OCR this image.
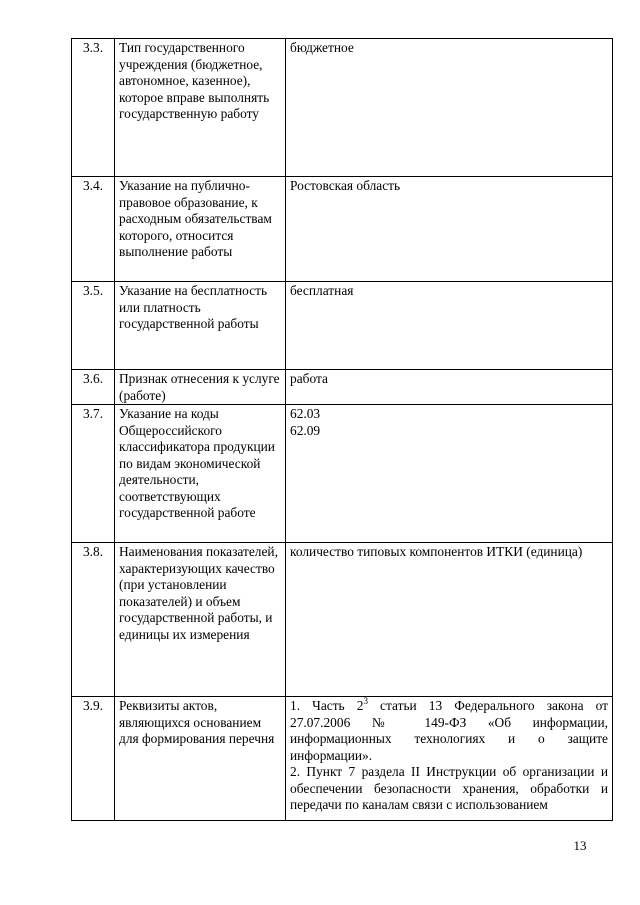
3.3.	Тип государственного учреждения (бюджетное, автономное, казенное), которое вправе выполнять государственную работу	бюджетное
3.4.	Указание на публично-правовое образование, к расходным обязательствам которого, относится выполнение работы	Ростовская область
3.5.	Указание на бесплатность или платность государственной работы	бесплатная
3.6.	Признак отнесения к услуге (работе)	работа
3.7.	Указание на коды Общероссийского классификатора продукции по видам экономической деятельности, соответствующих государственной работе	62.03
62.09

3.8.	Наименования показателей, характеризующих качество (при установлении показателей) и объем государственной работы, и единицы их измерения	количество типовых компонентов ИТКИ (единица)
3.9.	Реквизиты актов, являющихся основанием для формирования перечня	1. Часть $2^3$ статьи 13 Федерального закона от 27.07.2006 № 149-ФЗ «Об информации, информационных технологиях и о защите информации».
2. Пункт 7 раздела II Инструкции об организации и обеспечении безопасности хранения, обработки и передачи по каналам связи с использованием
13
